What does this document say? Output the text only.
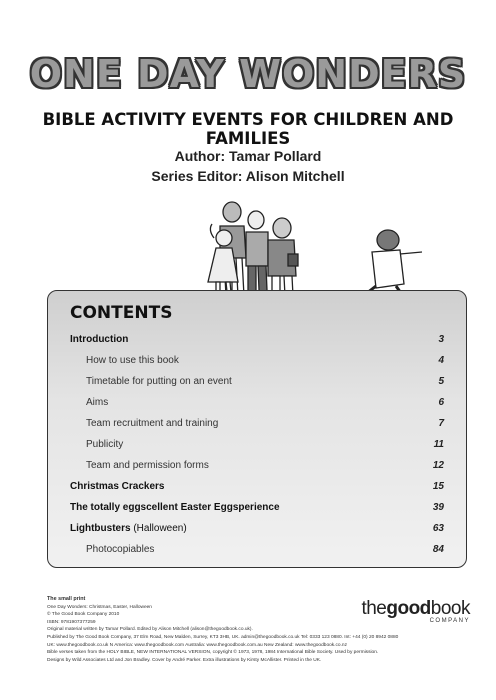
ONE DAY WONDERS
BIBLE ACTIVITY EVENTS FOR CHILDREN AND FAMILIES
Author: Tamar Pollard
Series Editor: Alison Mitchell
CONTENTS
Introduction	3
How to use this book	4
Timetable for putting on an event	5
Aims	6
Team recruitment and training	7
Publicity	11
Team and permission forms	12
Christmas Crackers	15
The totally eggscellent Easter Eggsperience	39
Lightbusters (Halloween)	63
Photocopiables	84
The small print
One Day Wonders: Christmas, Easter, Halloween
© The Good Book Company 2010
ISBN: 9781907377259
Original material written by Tamar Pollard. Edited by Alison Mitchell (alison@thegoodbook.co.uk).
Published by The Good Book Company, 37 Elm Road, New Malden, Surrey, KT3 3HB, UK. admin@thegoodbook.co.uk Tel: 0333 123 0880. Int: +44 (0) 20 8942 0880
UK: www.thegoodbook.co.uk N America: www.thegoodbook.com Australia: www.thegoodbook.com.au New Zealand: www.thegoodbook.co.nz
Bible verses taken from the HOLY BIBLE, NEW INTERNATIONAL VERSION, copyright © 1973, 1978, 1984 International Bible Society. Used by permission.
Designs by Wild Associates Ltd and Jon Bradley. Cover by André Parker. Extra illustrations by Kirsty McAllister. Printed in the UK.
thegoodbook
COMPANY
